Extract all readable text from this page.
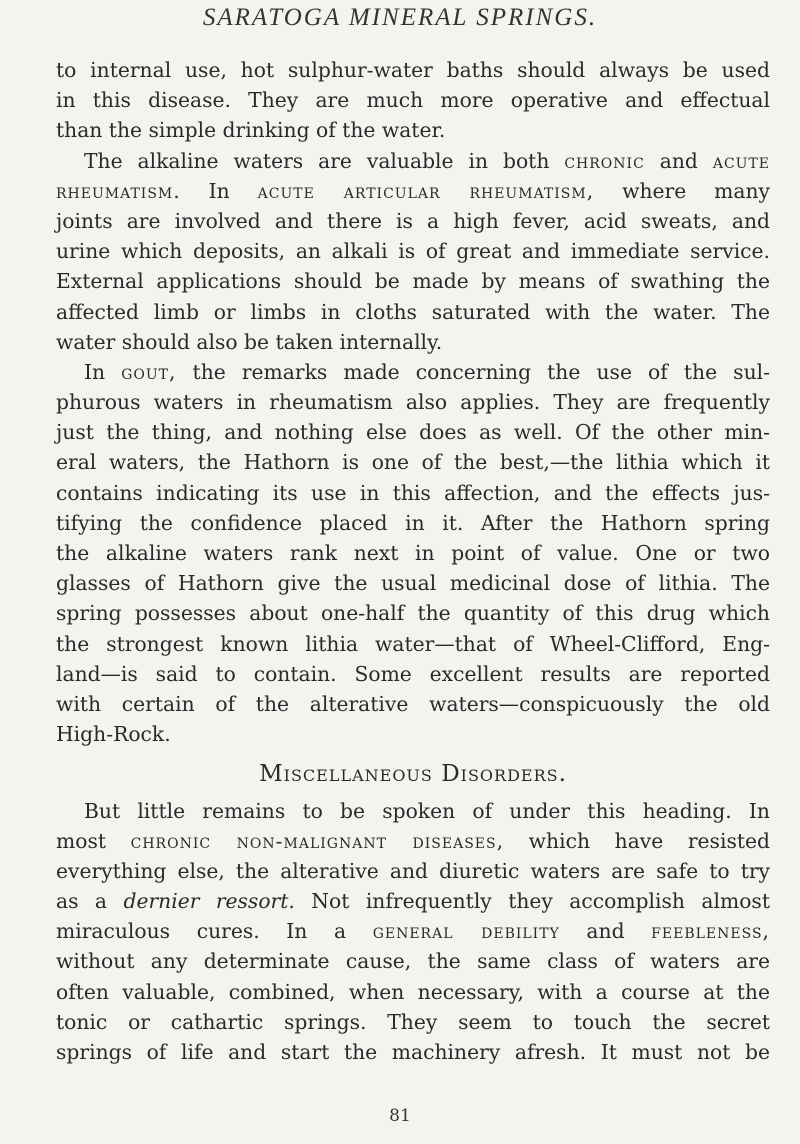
SARATOGA MINERAL SPRINGS.
to internal use, hot sulphur-water baths should always be used
in this disease. They are much more operative and effectual
than the simple drinking of the water.
The alkaline waters are valuable in both chronic and acute
rheumatism. In acute articular rheumatism, where many
joints are involved and there is a high fever, acid sweats, and
urine which deposits, an alkali is of great and immediate service.
External applications should be made by means of swathing the
affected limb or limbs in cloths saturated with the water. The
water should also be taken internally.
In gout, the remarks made concerning the use of the sul-
phurous waters in rheumatism also applies. They are frequently
just the thing, and nothing else does as well. Of the other min-
eral waters, the Hathorn is one of the best,—the lithia which it
contains indicating its use in this affection, and the effects jus-
tifying the confidence placed in it. After the Hathorn spring
the alkaline waters rank next in point of value. One or two
glasses of Hathorn give the usual medicinal dose of lithia. The
spring possesses about one-half the quantity of this drug which
the strongest known lithia water—that of Wheel-Clifford, Eng-
land—is said to contain. Some excellent results are reported
with certain of the alterative waters—conspicuously the old
High-Rock.
Miscellaneous Disorders.
But little remains to be spoken of under this heading. In
most chronic non-malignant diseases, which have resisted
everything else, the alterative and diuretic waters are safe to try
as a dernier ressort. Not infrequently they accomplish almost
miraculous cures. In a general debility and feebleness,
without any determinate cause, the same class of waters are
often valuable, combined, when necessary, with a course at the
tonic or cathartic springs. They seem to touch the secret
springs of life and start the machinery afresh. It must not be
81
